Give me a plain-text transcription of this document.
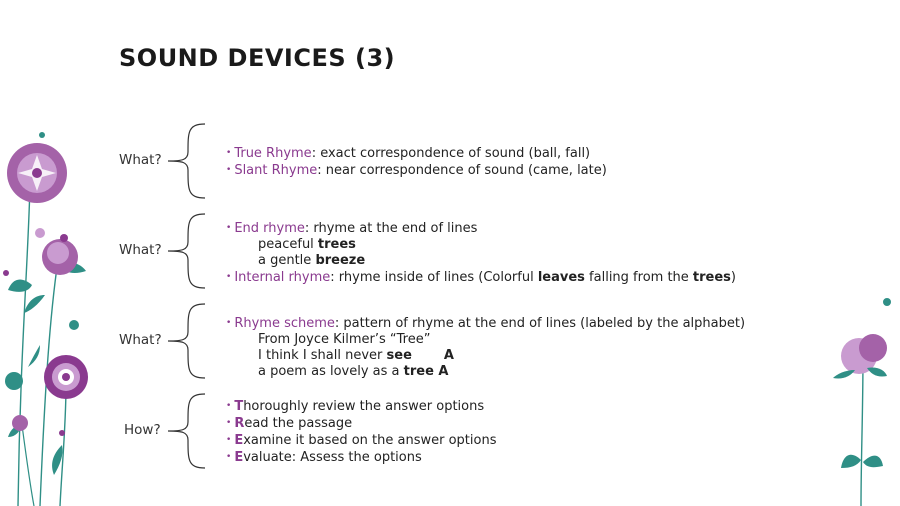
SOUND DEVICES (3)
What?	• True Rhyme: exact correspondence of sound (ball, fall)
• Slant Rhyme: near correspondence of sound (came, late)
What?
• End rhyme: rhyme at the end of lines
peaceful trees
a gentle breeze
• Internal rhyme: rhyme inside of lines (Colorful leaves falling from the trees)
What?
• Rhyme scheme: pattern of rhyme at the end of lines (labeled by the alphabet)
From Joyce Kilmer’s “Tree”
I think I shall never see A
a poem as lovely as a tree A
How?
• Thoroughly review the answer options
• Read the passage
• Examine it based on the answer options
• Evaluate: Assess the options
